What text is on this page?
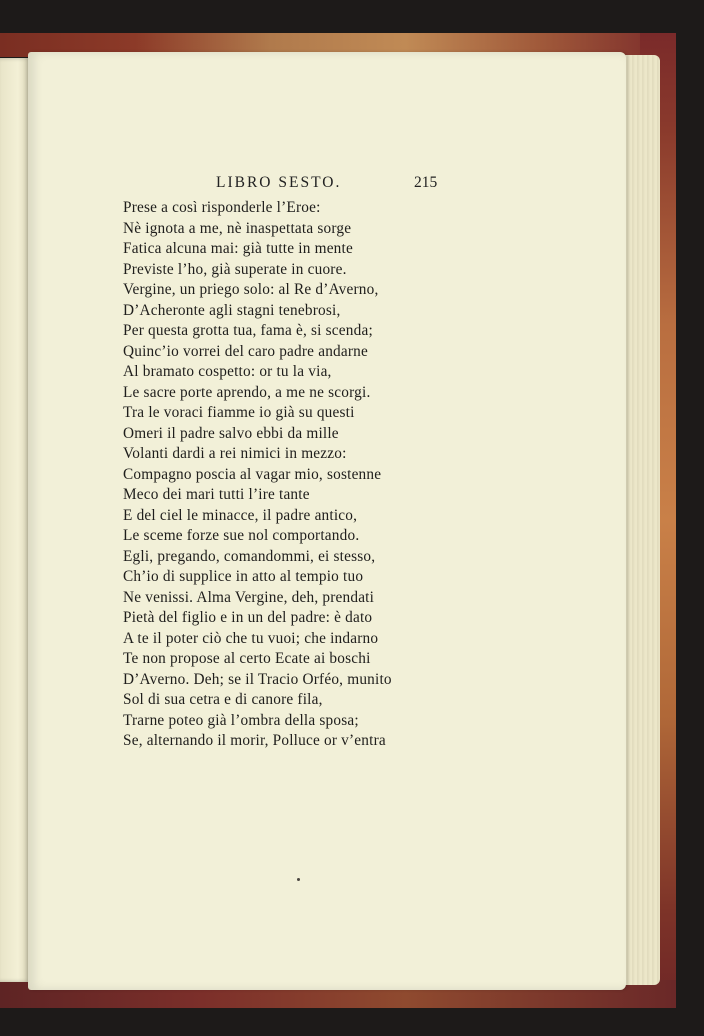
LIBRO SESTO.	215
Prese a così risponderle l’Eroe:
Nè ignota a me, nè inaspettata sorge
Fatica alcuna mai: già tutte in mente
Previste l’ho, già superate in cuore.
Vergine, un priego solo: al Re d’Averno,
D’Acheronte agli stagni tenebrosi,
Per questa grotta tua, fama è, si scenda;
Quinc’io vorrei del caro padre andarne
Al bramato cospetto: or tu la via,
Le sacre porte aprendo, a me ne scorgi.
Tra le voraci fiamme io già su questi
Omeri il padre salvo ebbi da mille
Volanti dardi a rei nimici in mezzo:
Compagno poscia al vagar mio, sostenne
Meco dei mari tutti l’ire tante
E del ciel le minacce, il padre antico,
Le sceme forze sue nol comportando.
Egli, pregando, comandommi, ei stesso,
Ch’io di supplice in atto al tempio tuo
Ne venissi. Alma Vergine, deh, prendati
Pietà del figlio e in un del padre: è dato
A te il poter ciò che tu vuoi; che indarno
Te non propose al certo Ecate ai boschi
D’Averno. Deh; se il Tracio Orféo, munito
Sol di sua cetra e di canore fila,
Trarne poteo già l’ombra della sposa;
Se, alternando il morir, Polluce or v’entra
